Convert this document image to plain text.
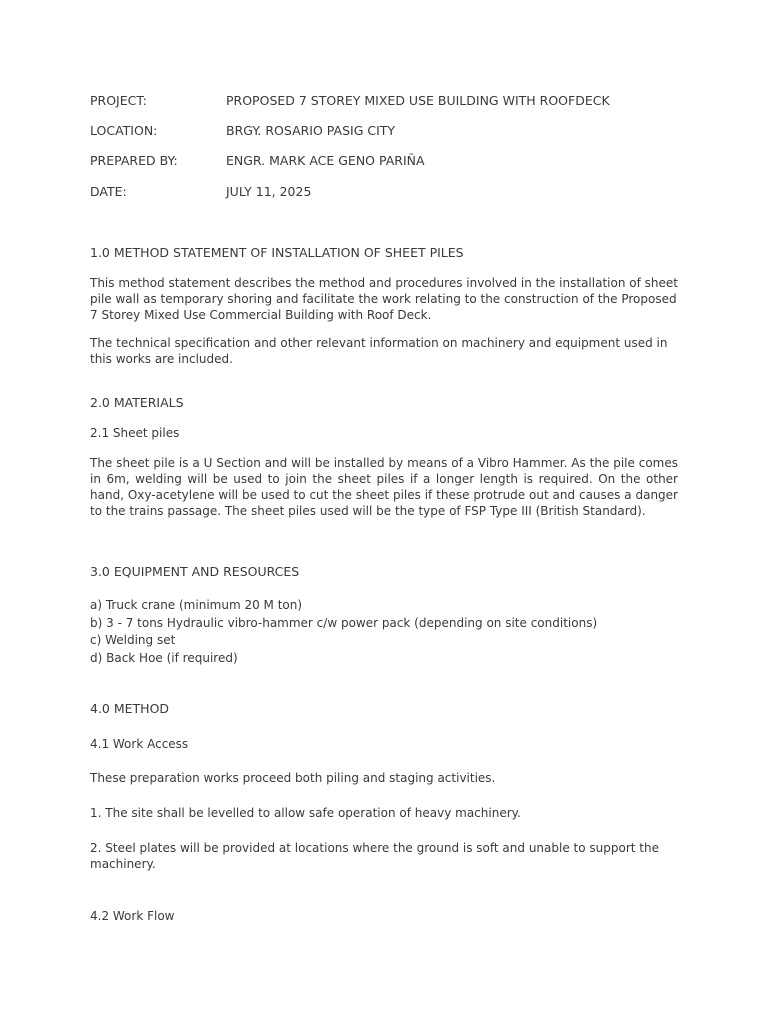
PROJECT:	PROPOSED 7 STOREY MIXED USE BUILDING WITH ROOFDECK
LOCATION:	BRGY. ROSARIO PASIG CITY
PREPARED BY:	ENGR. MARK ACE GENO PARIÑA
DATE:	JULY 11, 2025
1.0 METHOD STATEMENT OF INSTALLATION OF SHEET PILES
This method statement describes the method and procedures involved in the installation of sheet pile wall as temporary shoring and facilitate the work relating to the construction of the Proposed 7 Storey Mixed Use Commercial Building with Roof Deck.
The technical specification and other relevant information on machinery and equipment used in this works are included.
2.0 MATERIALS
2.1 Sheet piles
The sheet pile is a U Section and will be installed by means of a Vibro Hammer. As the pile comes in 6m, welding will be used to join the sheet piles if a longer length is required. On the other hand, Oxy-acetylene will be used to cut the sheet piles if these protrude out and causes a danger to the trains passage. The sheet piles used will be the type of FSP Type III (British Standard).
3.0 EQUIPMENT AND RESOURCES
a) Truck crane (minimum 20 M ton)
b) 3 - 7 tons Hydraulic vibro-hammer c/w power pack (depending on site conditions)
c) Welding set
d) Back Hoe (if required)
4.0 METHOD
4.1 Work Access
These preparation works proceed both piling and staging activities.
1. The site shall be levelled to allow safe operation of heavy machinery.
2. Steel plates will be provided at locations where the ground is soft and unable to support the machinery.
4.2 Work Flow
